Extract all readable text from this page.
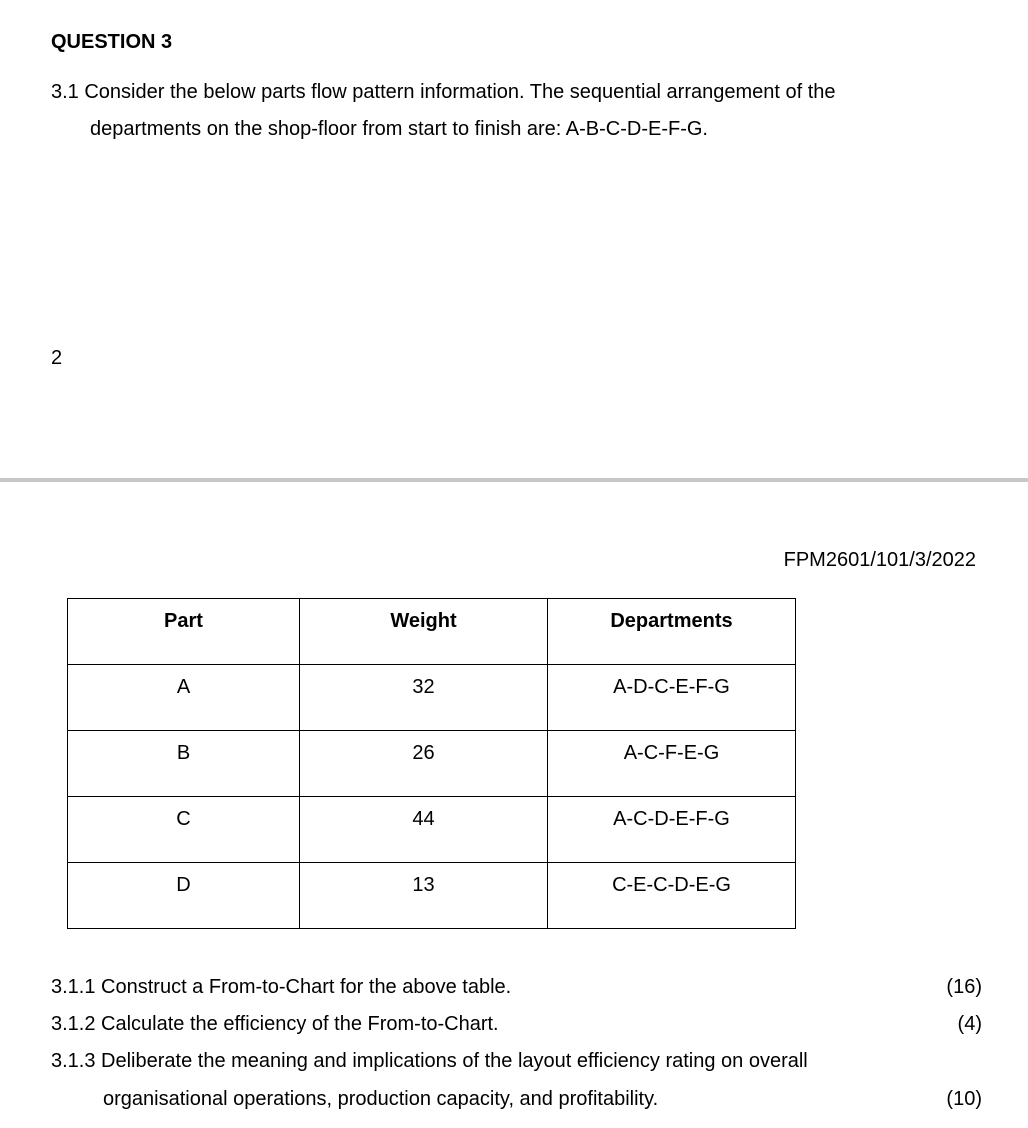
QUESTION 3
3.1 Consider the below parts flow pattern information. The sequential arrangement of the
departments on the shop-floor from start to finish are: A-B-C-D-E-F-G.
2
FPM2601/101/3/2022
Part	Weight	Departments
A	32	A-D-C-E-F-G
B	26	A-C-F-E-G
C	44	A-C-D-E-F-G
D	13	C-E-C-D-E-G
3.1.1 Construct a From-to-Chart for the above table.	(16)
3.1.2 Calculate the efficiency of the From-to-Chart.	(4)
3.1.3 Deliberate the meaning and implications of the layout efficiency rating on overall
organisational operations, production capacity, and profitability.	(10)
